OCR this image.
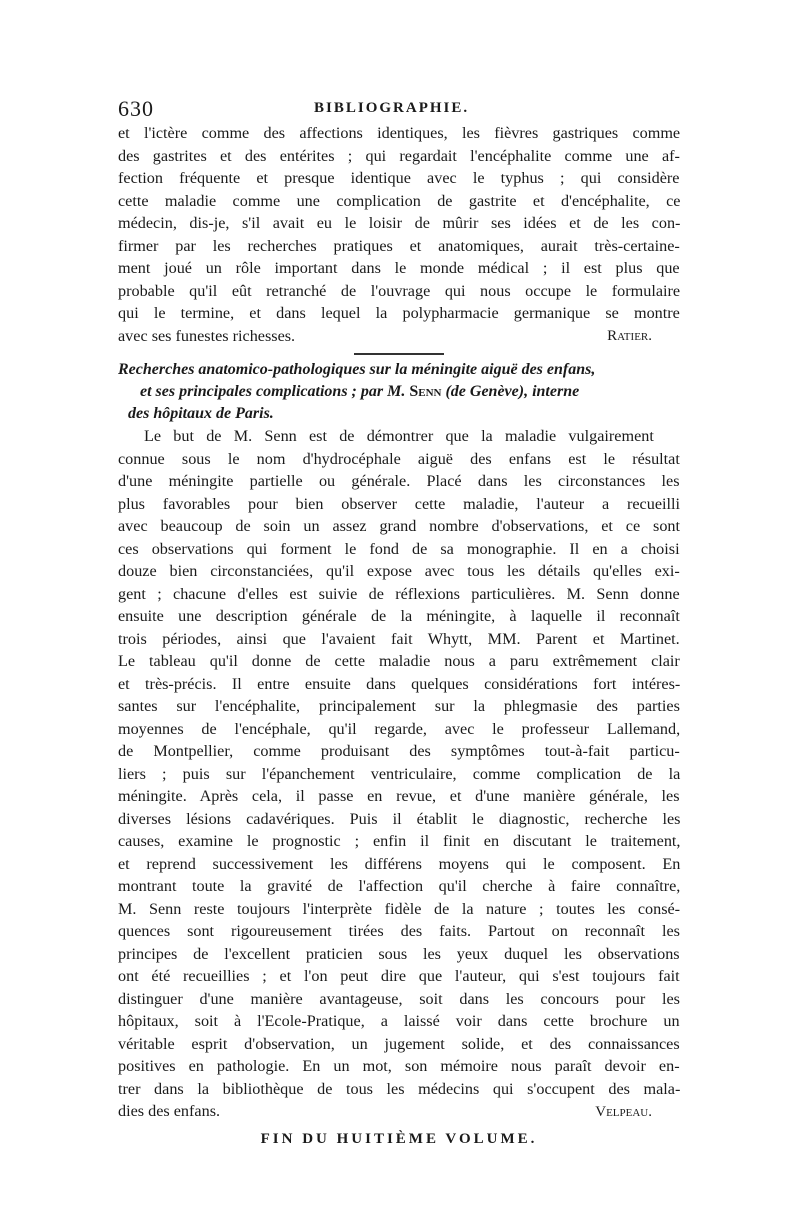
630	BIBLIOGRAPHIE.

et l'ictère comme des affections identiques, les fièvres gastriques comme
des gastrites et des entérites ; qui regardait l'encéphalite comme une af-
fection fréquente et presque identique avec le typhus ; qui considère
cette maladie comme une complication de gastrite et d'encéphalite, ce
médecin, dis-je, s'il avait eu le loisir de mûrir ses idées et de les con-
firmer par les recherches pratiques et anatomiques, aurait très-certaine-
ment joué un rôle important dans le monde médical ; il est plus que
probable qu'il eût retranché de l'ouvrage qui nous occupe le formulaire
qui le termine, et dans lequel la polypharmacie germanique se montre
avec ses funestes richesses.	Ratier.

Recherches anatomico-pathologiques sur la méningite aiguë des enfans,
et ses principales complications ; par M. Senn (de Genève), interne
des hôpitaux de Paris.

Le but de M. Senn est de démontrer que la maladie vulgairement
connue sous le nom d'hydrocéphale aiguë des enfans est le résultat
d'une méningite partielle ou générale. Placé dans les circonstances les
plus favorables pour bien observer cette maladie, l'auteur a recueilli
avec beaucoup de soin un assez grand nombre d'observations, et ce sont
ces observations qui forment le fond de sa monographie. Il en a choisi
douze bien circonstanciées, qu'il expose avec tous les détails qu'elles exi-
gent ; chacune d'elles est suivie de réflexions particulières. M. Senn donne
ensuite une description générale de la méningite, à laquelle il reconnaît
trois périodes, ainsi que l'avaient fait Whytt, MM. Parent et Martinet.
Le tableau qu'il donne de cette maladie nous a paru extrêmement clair
et très-précis. Il entre ensuite dans quelques considérations fort intéres-
santes sur l'encéphalite, principalement sur la phlegmasie des parties
moyennes de l'encéphale, qu'il regarde, avec le professeur Lallemand,
de Montpellier, comme produisant des symptômes tout-à-fait particu-
liers ; puis sur l'épanchement ventriculaire, comme complication de la
méningite. Après cela, il passe en revue, et d'une manière générale, les
diverses lésions cadavériques. Puis il établit le diagnostic, recherche les
causes, examine le prognostic ; enfin il finit en discutant le traitement,
et reprend successivement les différens moyens qui le composent. En
montrant toute la gravité de l'affection qu'il cherche à faire connaître,
M. Senn reste toujours l'interprète fidèle de la nature ; toutes les consé-
quences sont rigoureusement tirées des faits. Partout on reconnaît les
principes de l'excellent praticien sous les yeux duquel les observations
ont été recueillies ; et l'on peut dire que l'auteur, qui s'est toujours fait
distinguer d'une manière avantageuse, soit dans les concours pour les
hôpitaux, soit à l'Ecole-Pratique, a laissé voir dans cette brochure un
véritable esprit d'observation, un jugement solide, et des connaissances
positives en pathologie. En un mot, son mémoire nous paraît devoir en-
trer dans la bibliothèque de tous les médecins qui s'occupent des mala-
dies des enfans.	Velpeau.
FIN DU HUITIÈME VOLUME.
